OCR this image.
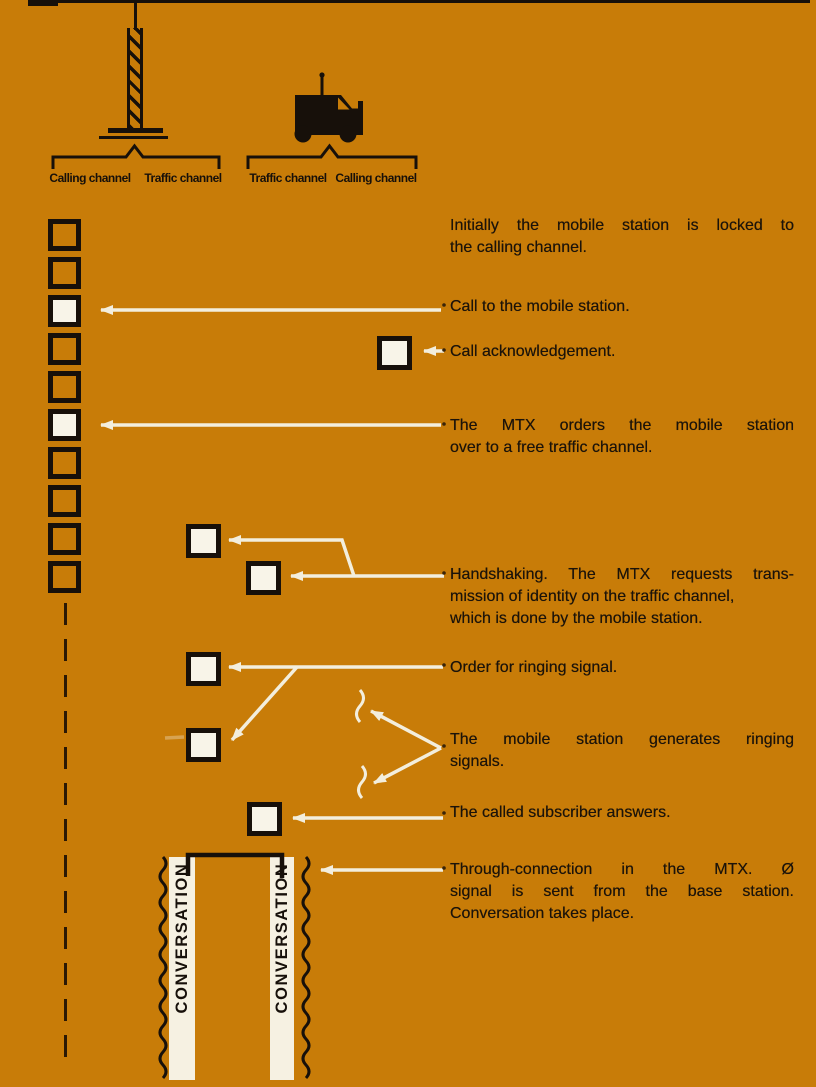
Calling channel	Traffic channel	Traffic channel Calling channel
CONVERSATION	CONVERSATION
Initially the mobile station is locked to
the calling channel.
Call to the mobile station.
Call acknowledgement.
The MTX orders the mobile station
over to a free traffic channel.
Handshaking. The MTX requests trans-
mission of identity on the traffic channel,
which is done by the mobile station.
Order for ringing signal.
The mobile station generates ringing
signals.
The called subscriber answers.
Through-connection in the MTX. Ø
signal is sent from the base station.
Conversation takes place.
